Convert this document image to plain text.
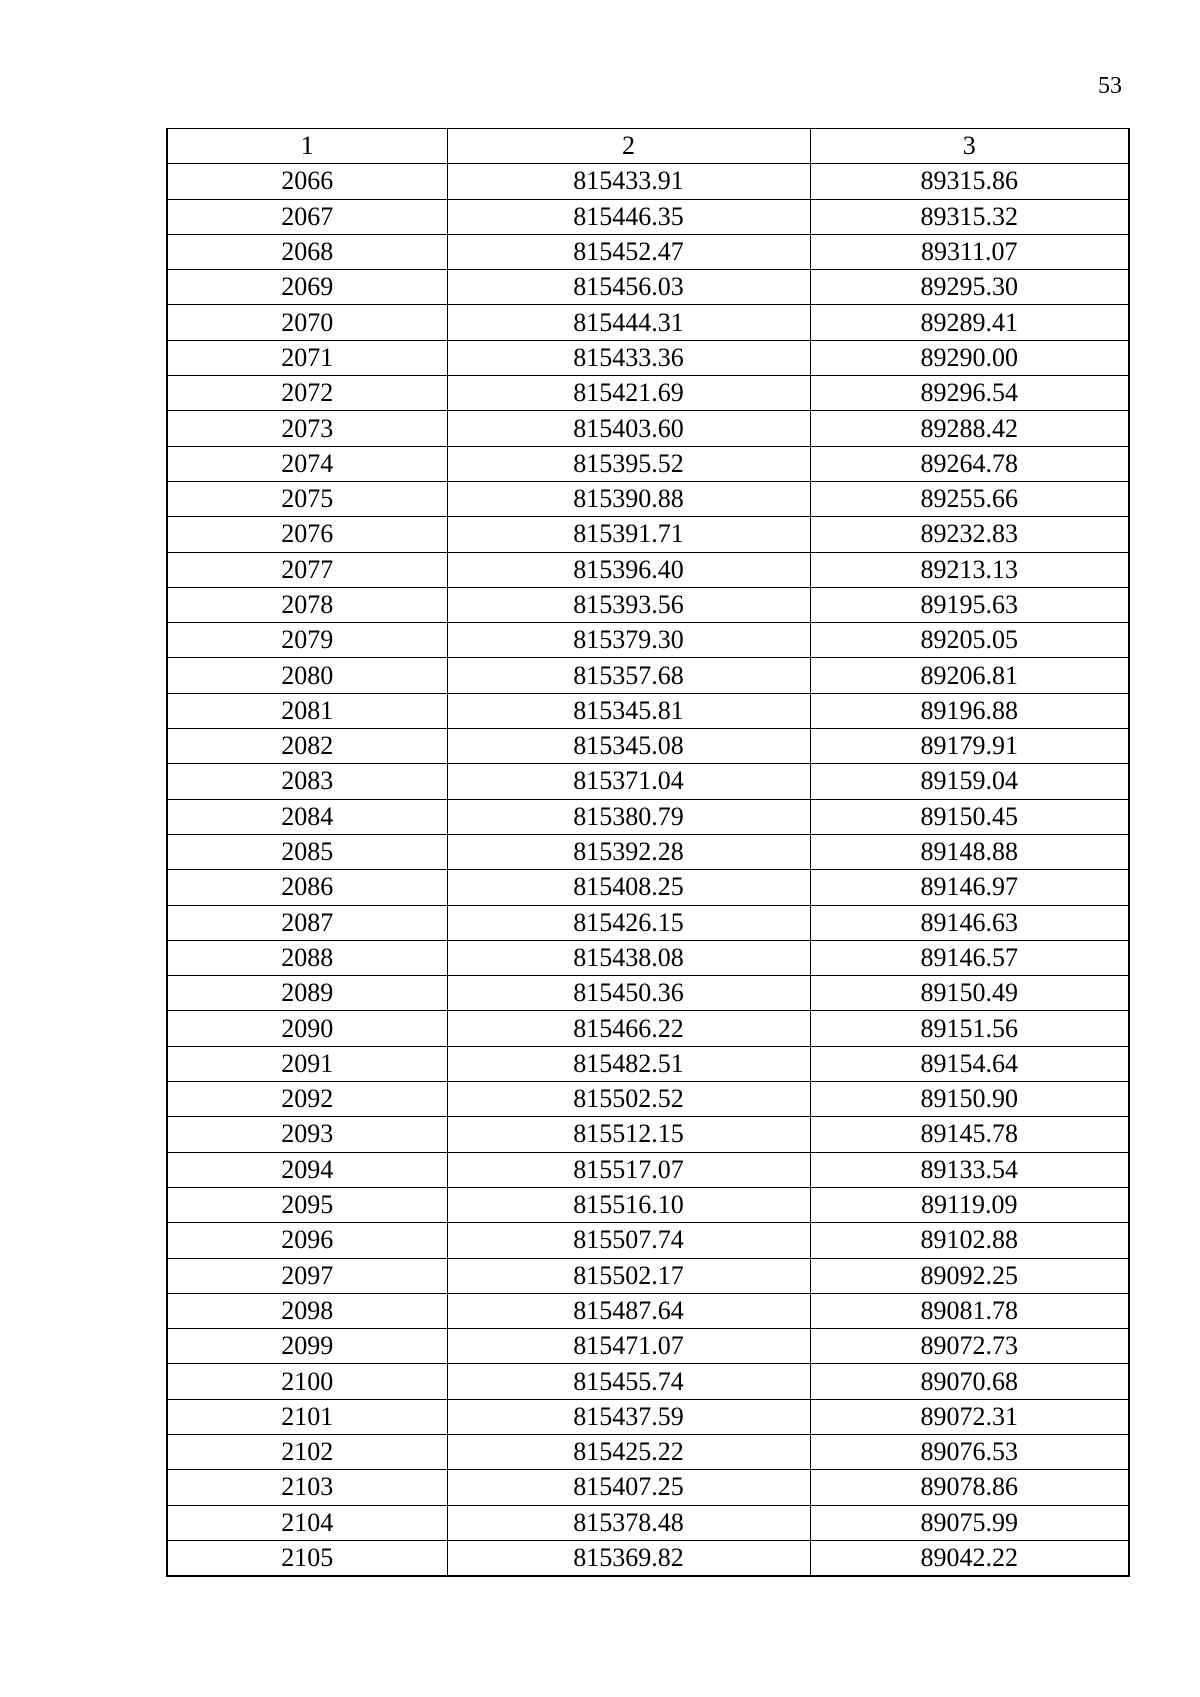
53
1	2	3
2066	815433.91	89315.86
2067	815446.35	89315.32
2068	815452.47	89311.07
2069	815456.03	89295.30
2070	815444.31	89289.41
2071	815433.36	89290.00
2072	815421.69	89296.54
2073	815403.60	89288.42
2074	815395.52	89264.78
2075	815390.88	89255.66
2076	815391.71	89232.83
2077	815396.40	89213.13
2078	815393.56	89195.63
2079	815379.30	89205.05
2080	815357.68	89206.81
2081	815345.81	89196.88
2082	815345.08	89179.91
2083	815371.04	89159.04
2084	815380.79	89150.45
2085	815392.28	89148.88
2086	815408.25	89146.97
2087	815426.15	89146.63
2088	815438.08	89146.57
2089	815450.36	89150.49
2090	815466.22	89151.56
2091	815482.51	89154.64
2092	815502.52	89150.90
2093	815512.15	89145.78
2094	815517.07	89133.54
2095	815516.10	89119.09
2096	815507.74	89102.88
2097	815502.17	89092.25
2098	815487.64	89081.78
2099	815471.07	89072.73
2100	815455.74	89070.68
2101	815437.59	89072.31
2102	815425.22	89076.53
2103	815407.25	89078.86
2104	815378.48	89075.99
2105	815369.82	89042.22
